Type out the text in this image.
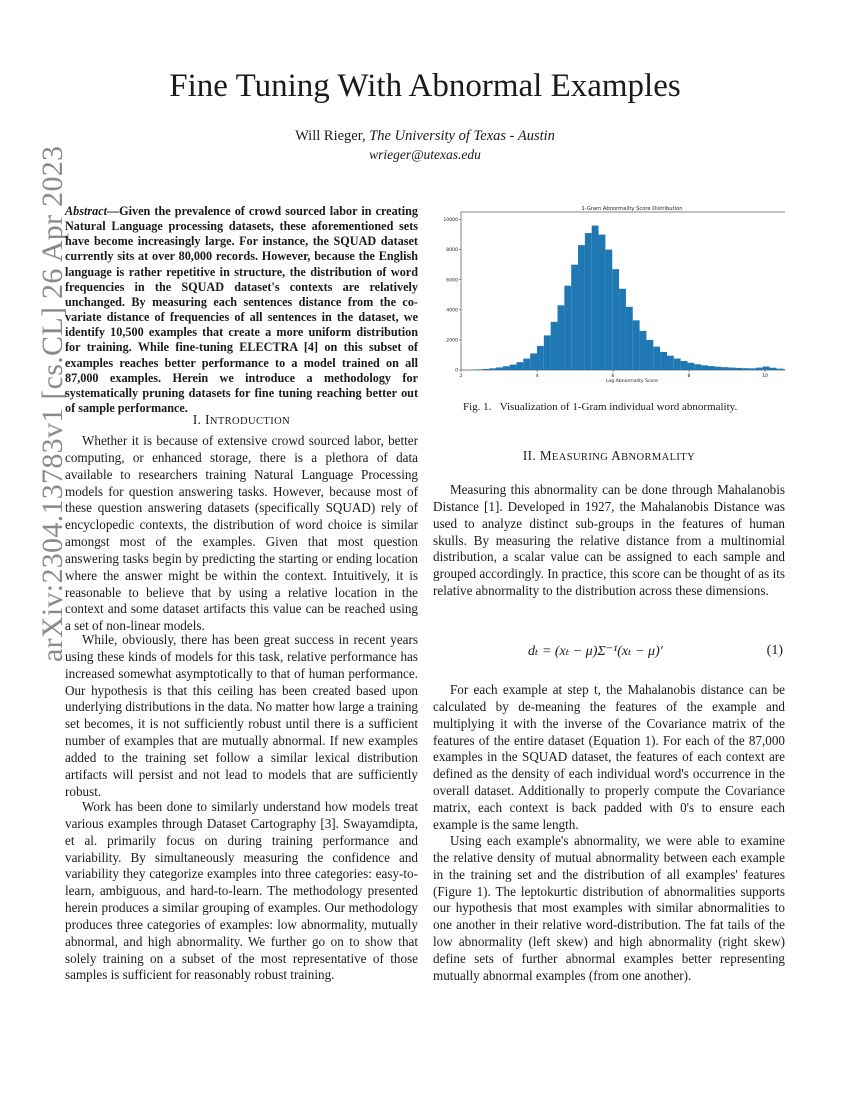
arXiv:2304.13783v1 [cs.CL] 26 Apr 2023
Fine Tuning With Abnormal Examples
Will Rieger, The University of Texas - Austin
wrieger@utexas.edu
Abstract—Given the prevalence of crowd sourced labor in creating Natural Language processing datasets, these aforementioned sets have become increasingly large. For instance, the SQUAD dataset currently sits at over 80,000 records. However, because the English language is rather repetitive in structure, the distribution of word frequencies in the SQUAD dataset's contexts are relatively unchanged. By measuring each sentences distance from the co-variate distance of frequencies of all sentences in the dataset, we identify 10,500 examples that create a more uniform distribution for training. While fine-tuning ELECTRA [4] on this subset of examples reaches better performance to a model trained on all 87,000 examples. Herein we introduce a methodology for systematically pruning datasets for fine tuning reaching better out of sample performance.
I. INTRODUCTION
Whether it is because of extensive crowd sourced labor, better computing, or enhanced storage, there is a plethora of data available to researchers training Natural Language Processing models for question answering tasks. However, because most of these question answering datasets (specifically SQUAD) rely of encyclopedic contexts, the distribution of word choice is similar amongst most of the examples. Given that most question answering tasks begin by predicting the starting or ending location where the answer might be within the context. Intuitively, it is reasonable to believe that by using a relative location in the context and some dataset artifacts this value can be reached using a set of non-linear models.
While, obviously, there has been great success in recent years using these kinds of models for this task, relative performance has increased somewhat asymptotically to that of human performance. Our hypothesis is that this ceiling has been created based upon underlying distributions in the data. No matter how large a training set becomes, it is not sufficiently robust until there is a sufficient number of examples that are mutually abnormal. If new examples added to the training set follow a similar lexical distribution artifacts will persist and not lead to models that are sufficiently robust.
Work has been done to similarly understand how models treat various examples through Dataset Cartography [3]. Swayamdipta, et al. primarily focus on during training performance and variability. By simultaneously measuring the confidence and variability they categorize examples into three categories: easy-to-learn, ambiguous, and hard-to-learn. The methodology presented herein produces a similar grouping of examples. Our methodology produces three categories of examples: low abnormality, mutually abnormal, and high abnormality. We further go on to show that solely training on a subset of the most representative of those samples is sufficient for reasonably robust training.
1-Gram Abnormality Score Distribution
2	4	6	8	10
0
2000
4000
6000
8000
10000
Log Abnormality Score
Fig. 1. Visualization of 1-Gram individual word abnormality.
II. MEASURING ABNORMALITY
Measuring this abnormality can be done through Mahalanobis Distance [1]. Developed in 1927, the Mahalanobis Distance was used to analyze distinct sub-groups in the features of human skulls. By measuring the relative distance from a multinomial distribution, a scalar value can be assigned to each sample and grouped accordingly. In practice, this score can be thought of as its relative abnormality to the distribution across these dimensions.
dₜ = (xₜ − μ)Σ⁻¹(xₜ − μ)′	(1)
For each example at step t, the Mahalanobis distance can be calculated by de-meaning the features of the example and multiplying it with the inverse of the Covariance matrix of the features of the entire dataset (Equation 1). For each of the 87,000 examples in the SQUAD dataset, the features of each context are defined as the density of each individual word's occurrence in the overall dataset. Additionally to properly compute the Covariance matrix, each context is back padded with 0's to ensure each example is the same length.
Using each example's abnormality, we were able to examine the relative density of mutual abnormality between each example in the training set and the distribution of all examples' features (Figure 1). The leptokurtic distribution of abnormalities supports our hypothesis that most examples with similar abnormalities to one another in their relative word-distribution. The fat tails of the low abnormality (left skew) and high abnormality (right skew) define sets of further abnormal examples better representing mutually abnormal examples (from one another).
